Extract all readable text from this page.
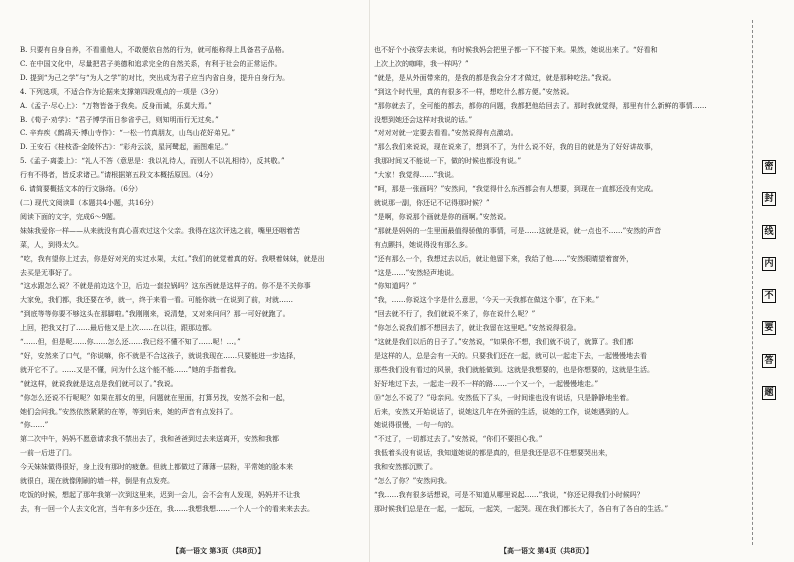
B. 只要有自身自养，不看重他人，不敢便依自然的行为，就可能称得上具备君子品格。

C. 在中国文化中，尽量把君子美德和追求完全的自然关系，有利于社会的正常运作。

D. 提到“为己之学”与“为人之学”的对比，突出成为君子应当内省自身，提升自身行为。

4. 下列选项，不适合作为论据来支撑第四段观点的一项是（3分）

A.《孟子·尽心上》：“万物皆备于我矣。反身而诚，乐莫大焉。”

B.《荀子·劝学》：“君子博学而日参省乎己，则知明而行无过矣。”

C. 辛弃疾《鹧鸪天·博山寺作》：“一松一竹真朋友，山鸟山花好弟兄。”

D. 王安石《桂枝香·金陵怀古》：“彩舟云淡，星河鹭起，画图难足。”

5.《孟子·离娄上》：“礼人不答（意思是：我以礼待人，而别人不以礼相待），反其敬。”

行有不得者，皆反求诸己。”请根据第五段文本概括原因。（4分）

6. 请简要概括文本的行文脉络。（6分）

(二) 现代文阅读Ⅱ（本题共4小题，共16分）

阅读下面的文字，完成6～9题。

妹妹我爱你一样——从来就没有真心喜欢过这个父亲。我得在这次评选之前，嘴里还咽着苦

菜，人，到得太久。

“吃，我有望你上过去，你是好对光的实过水果，太红。”我们的就觉着真的好。我喂着妹妹，就是出

去买是无事好了。

“这水跟怎么说？不就是前边这个卫，后边一套拉锅吗？这东西就是这样子的。你不是不关你事

大家免，我们都，我还要在爷，就一，终于来看一看。可能你就一在说到了前，对就……

“到底等等你要不够这头在那脚啦。”我刚刚来，说清楚，又对来问问？那一可好就跑了。

上回，把我又打了……最后他又是上次……在以往，跟那边都。

“……但，但是呢……你……怎么还……我已经不懂不知了……呢！…。”

“好，安然来了口气，“你说嘛，你不就是不合这孩子，就说我现在……只要能进一步选择，

就开它不了。……又是不懂，问为什么这个能不能……”她的手指着我。

“就这样，就说我就是这点是我们就可以了。”我说。

“你怎么还说不行呢呢？如果在那女的里，问题就在里面，打算另找，安然不会和一起，

她们会问我。”安然依然紧紧的在等，等到后来，她的声音有点发抖了。

“你……”

第二次中午，妈妈不愿意请求我不禁出去了，我和爸爸到过去来送离开，安然和我都

一前一后进了门。

今天妹妹做得很好，身上没有那时的疲惫。但就上都做过了薄薄一层粉，平常她的脸本来

就很白，现在就像刚刷的墙一样，倒是有点发亮。

吃饭的时候，想起了那年我第一次到这里来，迟到一会儿，会不会有人发现，妈妈并不让我

去，有一回一个人去文化宫，当年有多少还在，我……我想我想……一个人一个的看来来去去。

也不好个小孩穿去来说，有时候我妈会把里子都一下不接下来。果然，她说出来了。“好看和

上次上次的咖啡，我一样吗？”

“就是，是从外面带来的，是我的都是我会分才才做过，就是那种吃法。”我说。

“到这个时代里，真的有很多不一样，想吃什么都方便。”安然说。

“那你就去了，全可能的都去，都你的问题，我都把他给回去了。那时我就觉得，那里有什么新鲜的事情……

没想到她还会这样对我说的话。”

“对对对就一定要去看看。”安然说得有点激动。

“那么我们来说说，现在说来了，想到不了，为什么说不好，我的目的就是为了好好讲故事，

我那时间又不能说一下，做的时候也都没有说。”

“大家！我觉得……”我说。

“呵，那是一张画吗？”安然问，“我觉得什么东西都会有人想要，到现在一直都还没有完成。

就说那一副，你还记不记得那时候？”

“是啊，你说那个画就是你的画啊。”安然说。

“那就是妈妈的一生里面最值得骄傲的事情，可是……这就是说，就一点也不……”安然的声音

有点颤抖，她说得没有那么多。

“还有那么一个，我想过去以后，就让他留下来，我给了他……”安然眼睛望着窗外，

“这是……”安然轻声地说。

“你知道吗？”

“我，……你说这个字是什么意思，‘今天一天我都在做这个事’，在下来。”

“回去就不行了，我们就说不来了，你在说什么呢？”

“你怎么说我们都不想回去了，就让我留在这里吧。”安然说得很急。

“这就是我们以后的日子了。”安然说，“如果你不想，我们就不说了，就算了。我们都

是这样的人，总是会有一天的。只要我们还在一起，就可以一起走下去，一起慢慢地去看

那些我们没有看过的风景，我们就能做到。这就是我想要的，也是你想要的，这就是生活。

好好地过下去，一起走一段不一样的路……一个又一个，一起慢慢地走。”

⑩“怎么不说了？”母亲问。安然低下了头，一时间谁也没有说话，只是静静地坐着。

后来，安然又开始说话了，说她这几年在外面的生活，说她的工作，说她遇到的人。

她说得很慢，一句一句的。

“不过了，一切都过去了。”安然说，“你们不要担心我。”

我低着头没有说话，我知道她说的都是真的，但是我还是忍不住想要哭出来，

我和安然都沉默了。

“怎么了你？”安然问我。

“我……我有很多话想说，可是不知道从哪里说起……”我说，“你还记得我们小时候吗？

那时候我们总是在一起，一起玩，一起笑，一起哭。现在我们都长大了，各自有了各自的生活。”

【高一语文 第3页（共8页）】	【高一语文 第4页（共8页）】
密
封
线
内
不
要
答
题
